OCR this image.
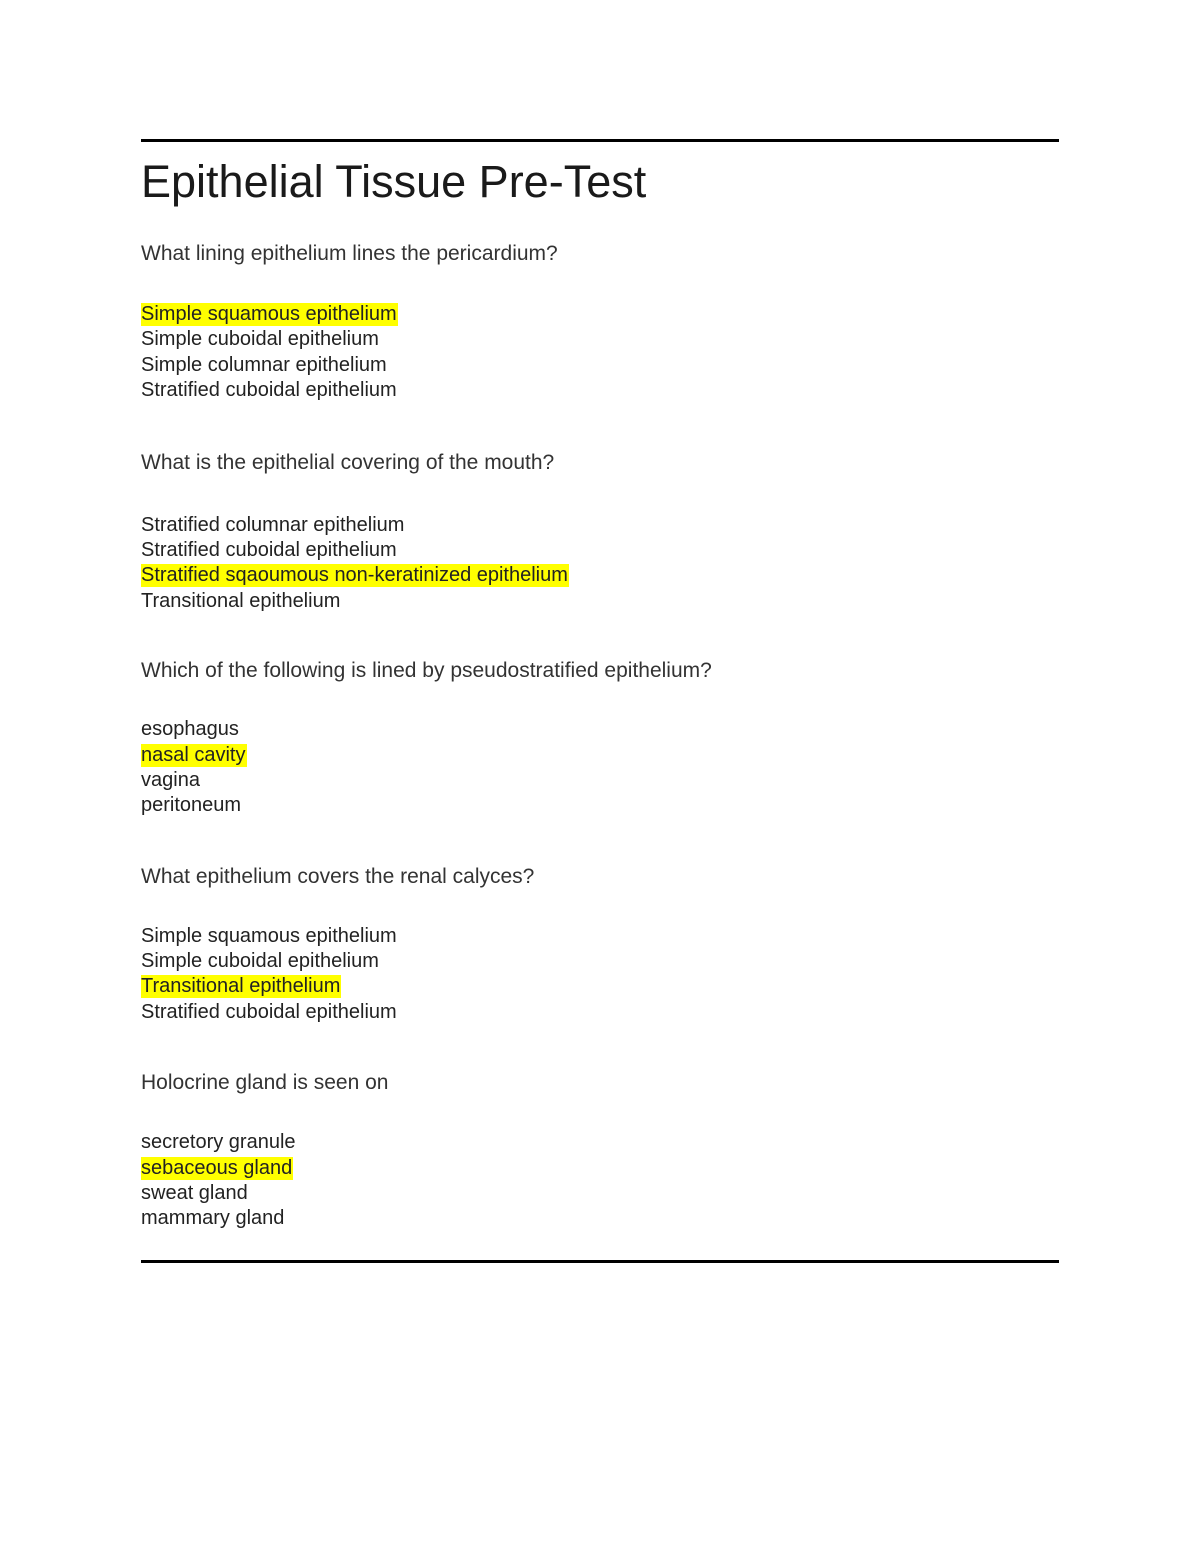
Epithelial Tissue Pre-Test

What lining epithelium lines the pericardium?

Simple squamous epithelium
Simple cuboidal epithelium
Simple columnar epithelium
Stratified cuboidal epithelium

What is the epithelial covering of the mouth?

Stratified columnar epithelium
Stratified cuboidal epithelium
Stratified sqaoumous non-keratinized epithelium
Transitional epithelium

Which of the following is lined by pseudostratified epithelium?

esophagus
nasal cavity
vagina
peritoneum

What epithelium covers the renal calyces?

Simple squamous epithelium
Simple cuboidal epithelium
Transitional epithelium
Stratified cuboidal epithelium

Holocrine gland is seen on

secretory granule
sebaceous gland
sweat gland
mammary gland
